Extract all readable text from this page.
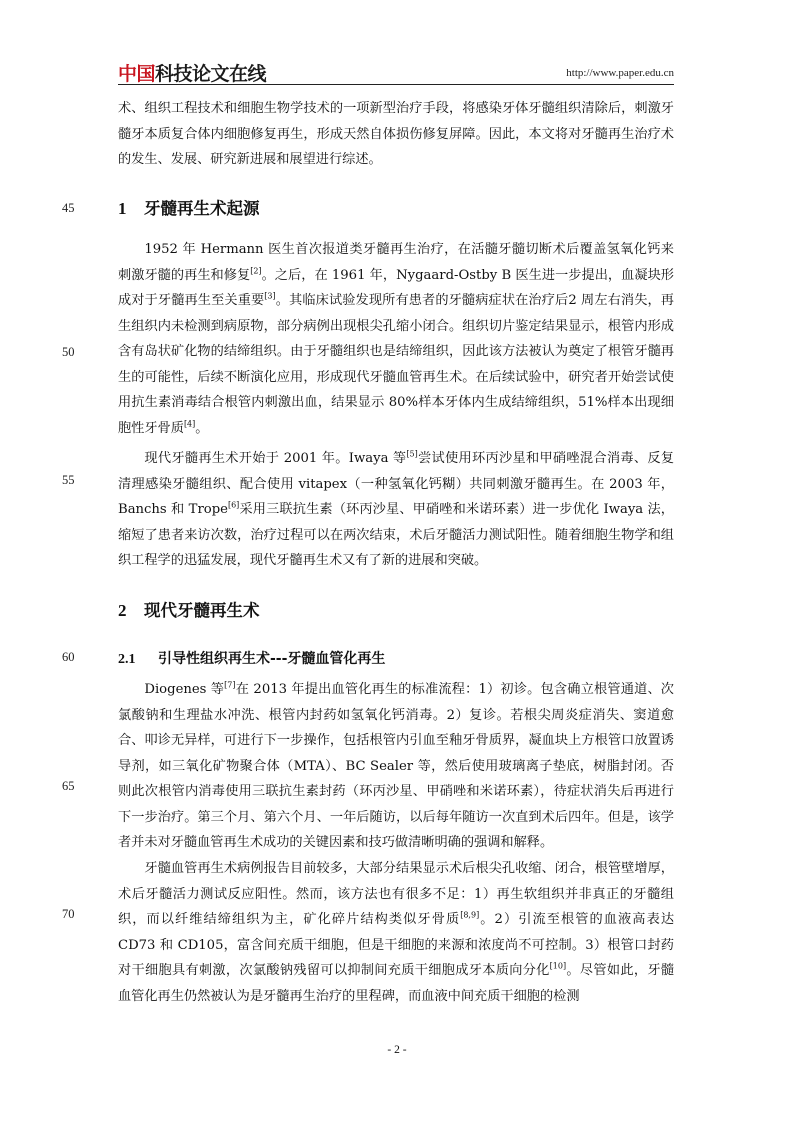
中国科技论文在线	http://www.paper.edu.cn

术、组织工程技术和细胞生物学技术的一项新型治疗手段，将感染牙体牙髓组织清除后，刺激牙髓牙本质复合体内细胞修复再生，形成天然自体损伤修复屏障。因此，本文将对牙髓再生治疗术的发生、发展、研究新进展和展望进行综述。

45
50
55
60
65
70
1 牙髓再生术起源

1952 年 Hermann 医生首次报道类牙髓再生治疗，在活髓牙髓切断术后覆盖氢氧化钙来刺激牙髓的再生和修复[2]。之后，在 1961 年，Nygaard-Ostby B 医生进一步提出，血凝块形成对于牙髓再生至关重要[3]。其临床试验发现所有患者的牙髓病症状在治疗后2 周左右消失，再生组织内未检测到病原物，部分病例出现根尖孔缩小闭合。组织切片鉴定结果显示，根管内形成含有岛状矿化物的结缔组织。由于牙髓组织也是结缔组织，因此该方法被认为奠定了根管牙髓再生的可能性，后续不断演化应用，形成现代牙髓血管再生术。在后续试验中，研究者开始尝试使用抗生素消毒结合根管内刺激出血，结果显示 80%样本牙体内生成结缔组织，51%样本出现细胞性牙骨质[4]。

现代牙髓再生术开始于 2001 年。Iwaya 等[5]尝试使用环丙沙星和甲硝唑混合消毒、反复清理感染牙髓组织、配合使用 vitapex（一种氢氧化钙糊）共同刺激牙髓再生。在 2003 年，Banchs 和 Trope[6]采用三联抗生素（环丙沙星、甲硝唑和米诺环素）进一步优化 Iwaya 法，缩短了患者来访次数，治疗过程可以在两次结束，术后牙髓活力测试阳性。随着细胞生物学和组织工程学的迅猛发展，现代牙髓再生术又有了新的进展和突破。

2 现代牙髓再生术
2.1 引导性组织再生术---牙髓血管化再生

Diogenes 等[7]在 2013 年提出血管化再生的标准流程：1）初诊。包含确立根管通道、次氯酸钠和生理盐水冲洗、根管内封药如氢氧化钙消毒。2）复诊。若根尖周炎症消失、窦道愈合、叩诊无异样，可进行下一步操作，包括根管内引血至釉牙骨质界，凝血块上方根管口放置诱导剂，如三氧化矿物聚合体（MTA）、BC Sealer 等，然后使用玻璃离子垫底，树脂封闭。否则此次根管内消毒使用三联抗生素封药（环丙沙星、甲硝唑和米诺环素），待症状消失后再进行下一步治疗。第三个月、第六个月、一年后随访，以后每年随访一次直到术后四年。但是，该学者并未对牙髓血管再生术成功的关键因素和技巧做清晰明确的强调和解释。

牙髓血管再生术病例报告目前较多，大部分结果显示术后根尖孔收缩、闭合，根管壁增厚，术后牙髓活力测试反应阳性。然而，该方法也有很多不足：1）再生软组织并非真正的牙髓组织，而以纤维结缔组织为主，矿化碎片结构类似牙骨质[8,9]。2）引流至根管的血液高表达 CD73 和 CD105，富含间充质干细胞，但是干细胞的来源和浓度尚不可控制。3）根管口封药对干细胞具有刺激，次氯酸钠残留可以抑制间充质干细胞成牙本质向分化[10]。尽管如此，牙髓血管化再生仍然被认为是牙髓再生治疗的里程碑，而血液中间充质干细胞的检测

- 2 -
